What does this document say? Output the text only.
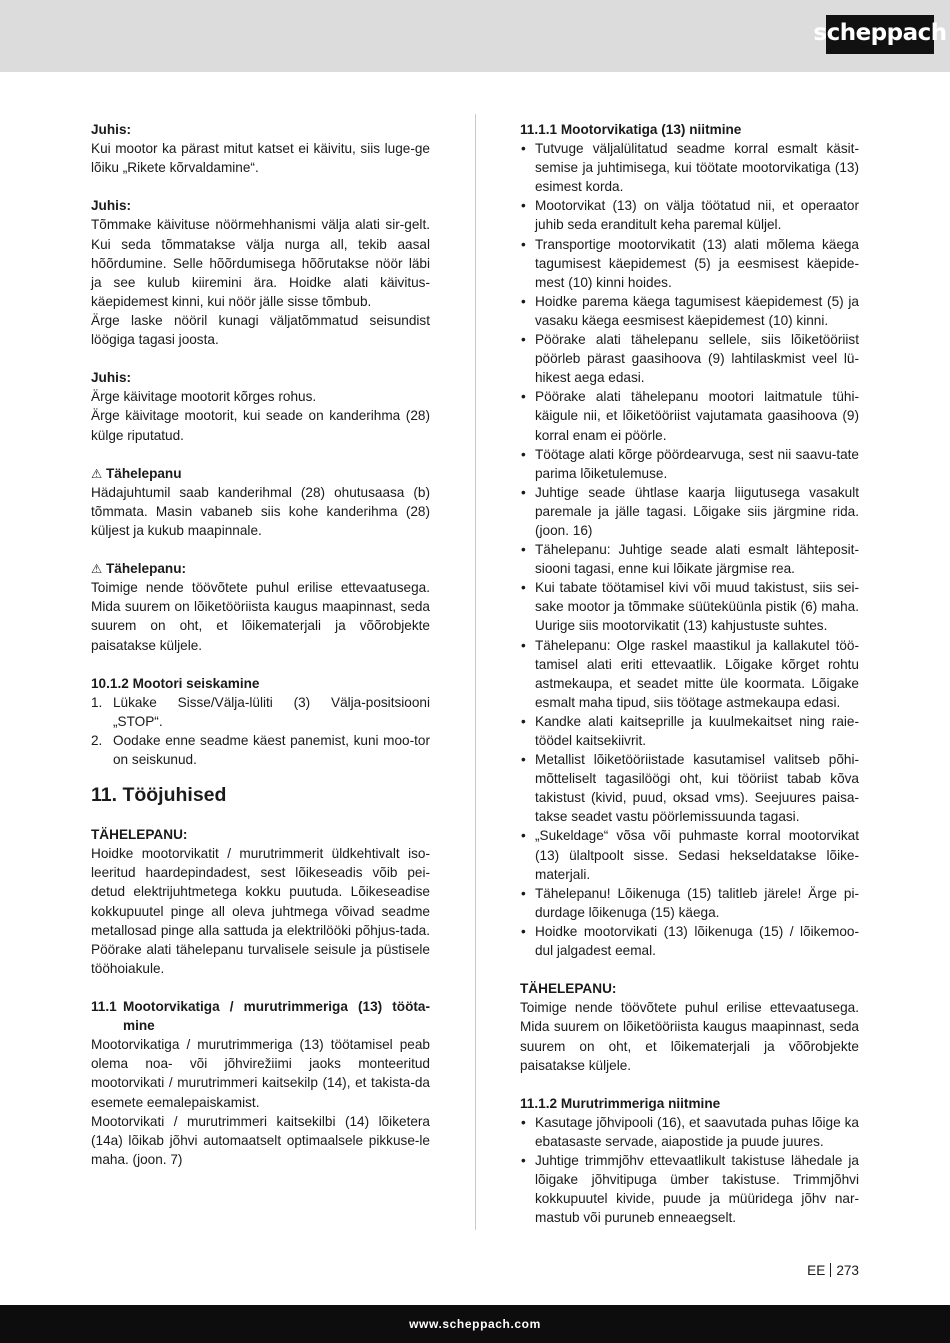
scheppach

Juhis:

Kui mootor ka pärast mitut katset ei käivitu, siis luge-ge lõiku „Rikete kõrvaldamine“.

Juhis:

Tõmmake käivituse nöörmehhanismi välja alati sir-gelt. Kui seda tõmmatakse välja nurga all, tekib aasal hõõrdumine. Selle hõõrdumisega hõõrutakse nöör läbi ja see kulub kiiremini ära. Hoidke alati käivitus-käepidemest kinni, kui nöör jälle sisse tõmbub.

Ärge laske nööril kunagi väljatõmmatud seisundist löögiga tagasi joosta.

Juhis:

Ärge käivitage mootorit kõrges rohus.

Ärge käivitage mootorit, kui seade on kanderihma (28) külge riputatud.

⚠ Tähelepanu

Hädajuhtumil saab kanderihmal (28) ohutusaasa (b) tõmmata. Masin vabaneb siis kohe kanderihma (28) küljest ja kukub maapinnale.

⚠ Tähelepanu:

Toimige nende töövõtete puhul erilise ettevaatusega. Mida suurem on lõiketööriista kaugus maapinnast, seda suurem on oht, et lõikematerjali ja võõrobjekte paisatakse küljele.

10.1.2 Mootori seiskamine

1. Lükake Sisse/Välja-lüliti (3) Välja-positsiooni „STOP“.
2. Oodake enne seadme käest panemist, kuni moo-tor on seiskunud.
11. Tööjuhised

TÄHELEPANU:

Hoidke mootorvikatit / murutrimmerit üldkehtivalt iso-leeritud haardepindadest, sest lõikeseadis võib pei-detud elektrijuhtmetega kokku puutuda. Lõikeseadise kokkupuutel pinge all oleva juhtmega võivad seadme metallosad pinge alla sattuda ja elektrilööki põhjus-tada. Pöörake alati tähelepanu turvalisele seisule ja püstisele tööhoiakule.

11.1 Mootorvikatiga / murutrimmeriga (13) tööta-mine

Mootorvikatiga / murutrimmeriga (13) töötamisel peab olema noa- või jõhvirežiimi jaoks monteeritud mootorvikati / murutrimmeri kaitsekilp (14), et takista-da esemete eemalepaiskamist.

Mootorvikati / murutrimmeri kaitsekilbi (14) lõiketera (14a) lõikab jõhvi automaatselt optimaalsele pikkuse-le maha. (joon. 7)

11.1.1 Mootorvikatiga (13) niitmine

• Tutvuge väljalülitatud seadme korral esmalt käsit-semise ja juhtimisega, kui töötate mootorvikatiga (13) esimest korda.
• Mootorvikat (13) on välja töötatud nii, et operaator juhib seda eranditult keha paremal küljel.
• Transportige mootorvikatit (13) alati mõlema käega tagumisest käepidemest (5) ja eesmisest käepide-mest (10) kinni hoides.
• Hoidke parema käega tagumisest käepidemest (5) ja vasaku käega eesmisest käepidemest (10) kinni.
• Pöörake alati tähelepanu sellele, siis lõiketööriist pöörleb pärast gaasihoova (9) lahtilaskmist veel lü-hikest aega edasi.
• Pöörake alati tähelepanu mootori laitmatule tühi-käigule nii, et lõiketööriist vajutamata gaasihoova (9) korral enam ei pöörle.
• Töötage alati kõrge pöördearvuga, sest nii saavu-tate parima lõiketulemuse.
• Juhtige seade ühtlase kaarja liigutusega vasakult paremale ja jälle tagasi. Lõigake siis järgmine rida. (joon. 16)
• Tähelepanu: Juhtige seade alati esmalt lähteposit-siooni tagasi, enne kui lõikate järgmise rea.
• Kui tabate töötamisel kivi või muud takistust, siis sei-sake mootor ja tõmmake süüteküünla pistik (6) maha. Uurige siis mootorvikatit (13) kahjustuste suhtes.
• Tähelepanu: Olge raskel maastikul ja kallakutel töö-tamisel alati eriti ettevaatlik. Lõigake kõrget rohtu astmekaupa, et seadet mitte üle koormata. Lõigake esmalt maha tipud, siis töötage astmekaupa edasi.
• Kandke alati kaitseprille ja kuulmekaitset ning raie-töödel kaitsekiivrit.
• Metallist lõiketööriistade kasutamisel valitseb põhi-mõtteliselt tagasilöögi oht, kui tööriist tabab kõva takistust (kivid, puud, oksad vms). Seejuures paisa-takse seadet vastu pöörlemissuunda tagasi.
• „Sukeldage“ võsa või puhmaste korral mootorvikat (13) ülaltpoolt sisse. Sedasi hekseldatakse lõike-materjali.
• Tähelepanu! Lõikenuga (15) talitleb järele! Ärge pi-durdage lõikenuga (15) käega.
• Hoidke mootorvikati (13) lõikenuga (15) / lõikemoo-dul jalgadest eemal.

TÄHELEPANU:

Toimige nende töövõtete puhul erilise ettevaatusega. Mida suurem on lõiketööriista kaugus maapinnast, seda suurem on oht, et lõikematerjali ja võõrobjekte paisatakse küljele.

11.1.2 Murutrimmeriga niitmine

• Kasutage jõhvipooli (16), et saavutada puhas lõige ka ebatasaste servade, aiapostide ja puude juures.
• Juhtige trimmjõhv ettevaatlikult takistuse lähedale ja lõigake jõhvitipuga ümber takistuse. Trimmjõhvi kokkupuutel kivide, puude ja müüridega jõhv nar-mastub või puruneb enneaegselt.
EE 273
www.scheppach.com
